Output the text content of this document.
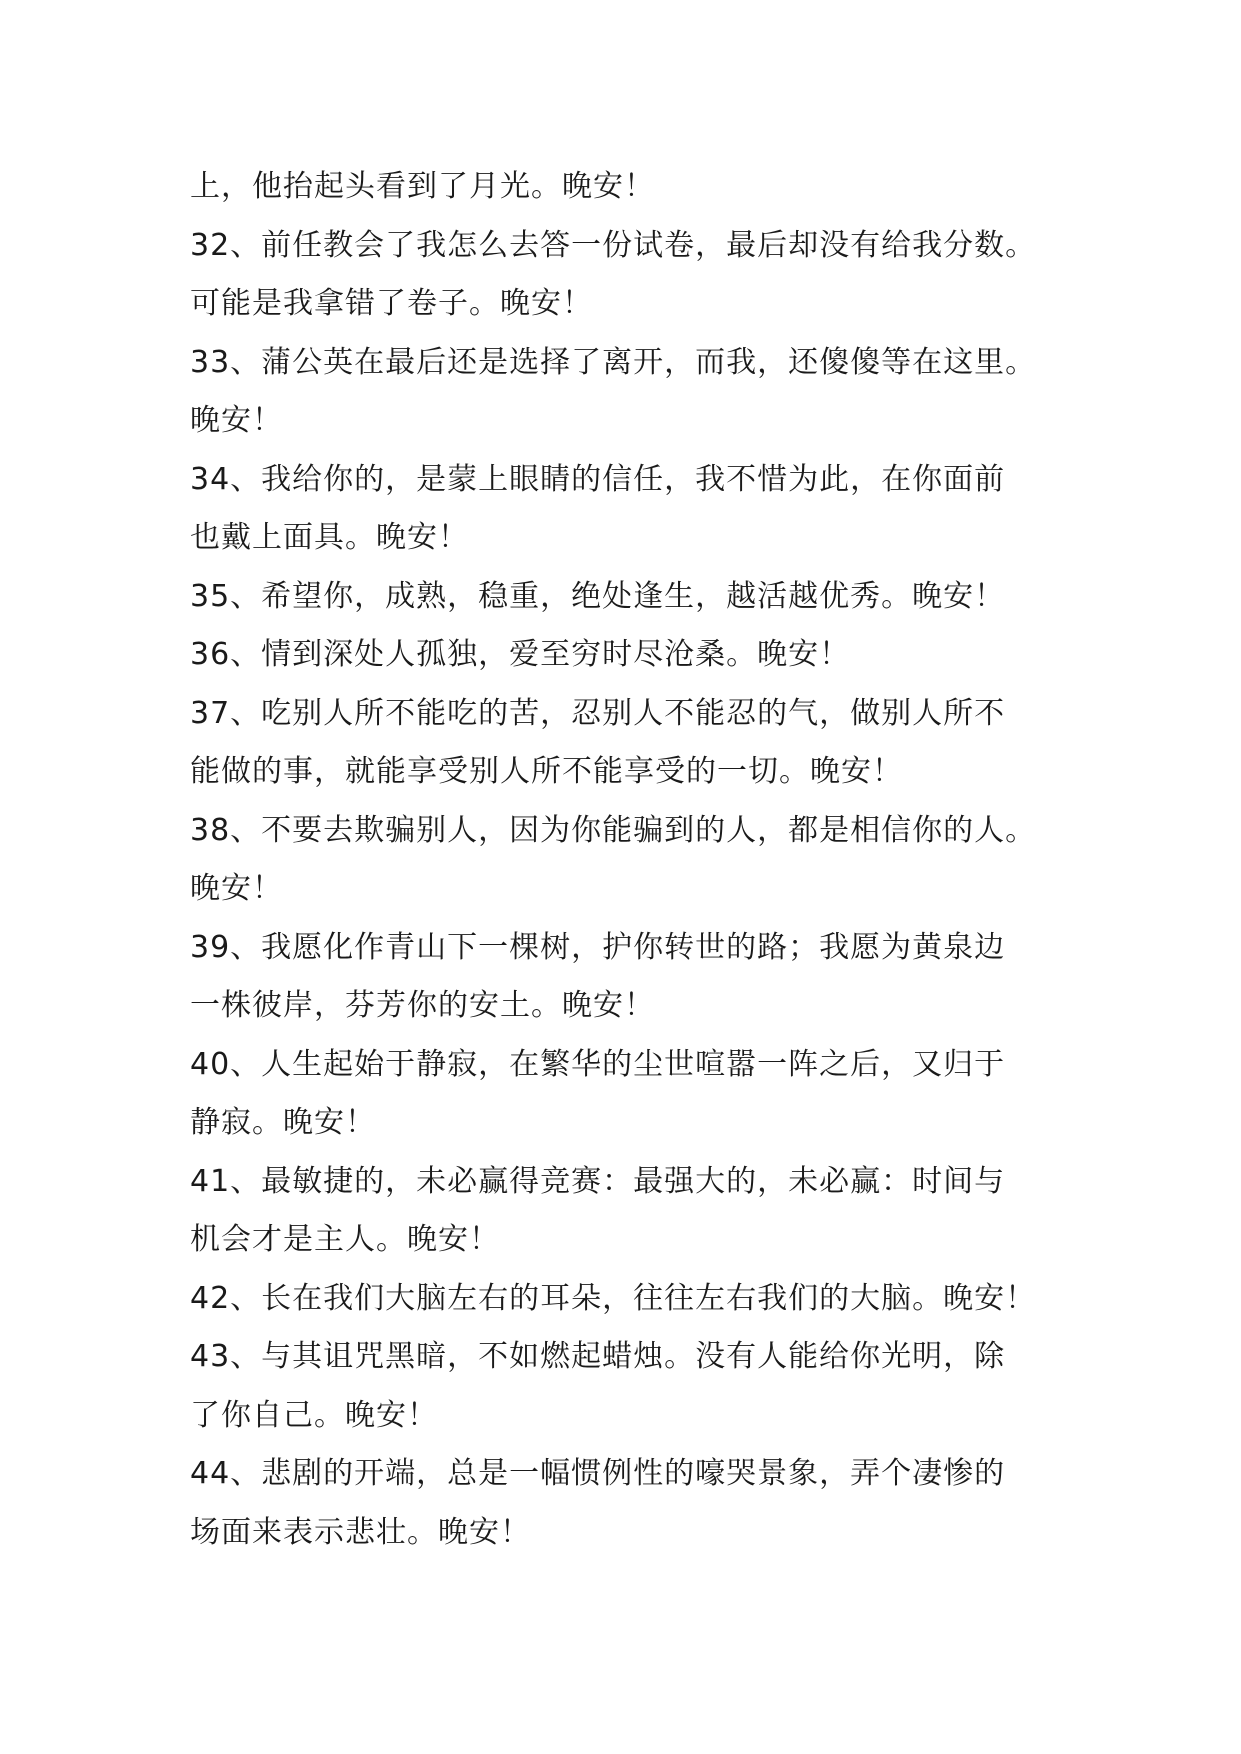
上，他抬起头看到了月光。晚安！
32、前任教会了我怎么去答一份试卷，最后却没有给我分数。
可能是我拿错了卷子。晚安！
33、蒲公英在最后还是选择了离开，而我，还傻傻等在这里。
晚安！
34、我给你的，是蒙上眼睛的信任，我不惜为此，在你面前
也戴上面具。晚安！
35、希望你，成熟，稳重，绝处逢生，越活越优秀。晚安！
36、情到深处人孤独，爱至穷时尽沧桑。晚安！
37、吃别人所不能吃的苦，忍别人不能忍的气，做别人所不
能做的事，就能享受别人所不能享受的一切。晚安！
38、不要去欺骗别人，因为你能骗到的人，都是相信你的人。
晚安！
39、我愿化作青山下一棵树，护你转世的路；我愿为黄泉边
一株彼岸，芬芳你的安土。晚安！
40、人生起始于静寂，在繁华的尘世喧嚣一阵之后，又归于
静寂。晚安！
41、最敏捷的，未必赢得竞赛：最强大的，未必赢：时间与
机会才是主人。晚安！
42、长在我们大脑左右的耳朵，往往左右我们的大脑。晚安！
43、与其诅咒黑暗，不如燃起蜡烛。没有人能给你光明，除
了你自己。晚安！
44、悲剧的开端，总是一幅惯例性的嚎哭景象，弄个凄惨的
场面来表示悲壮。晚安！
